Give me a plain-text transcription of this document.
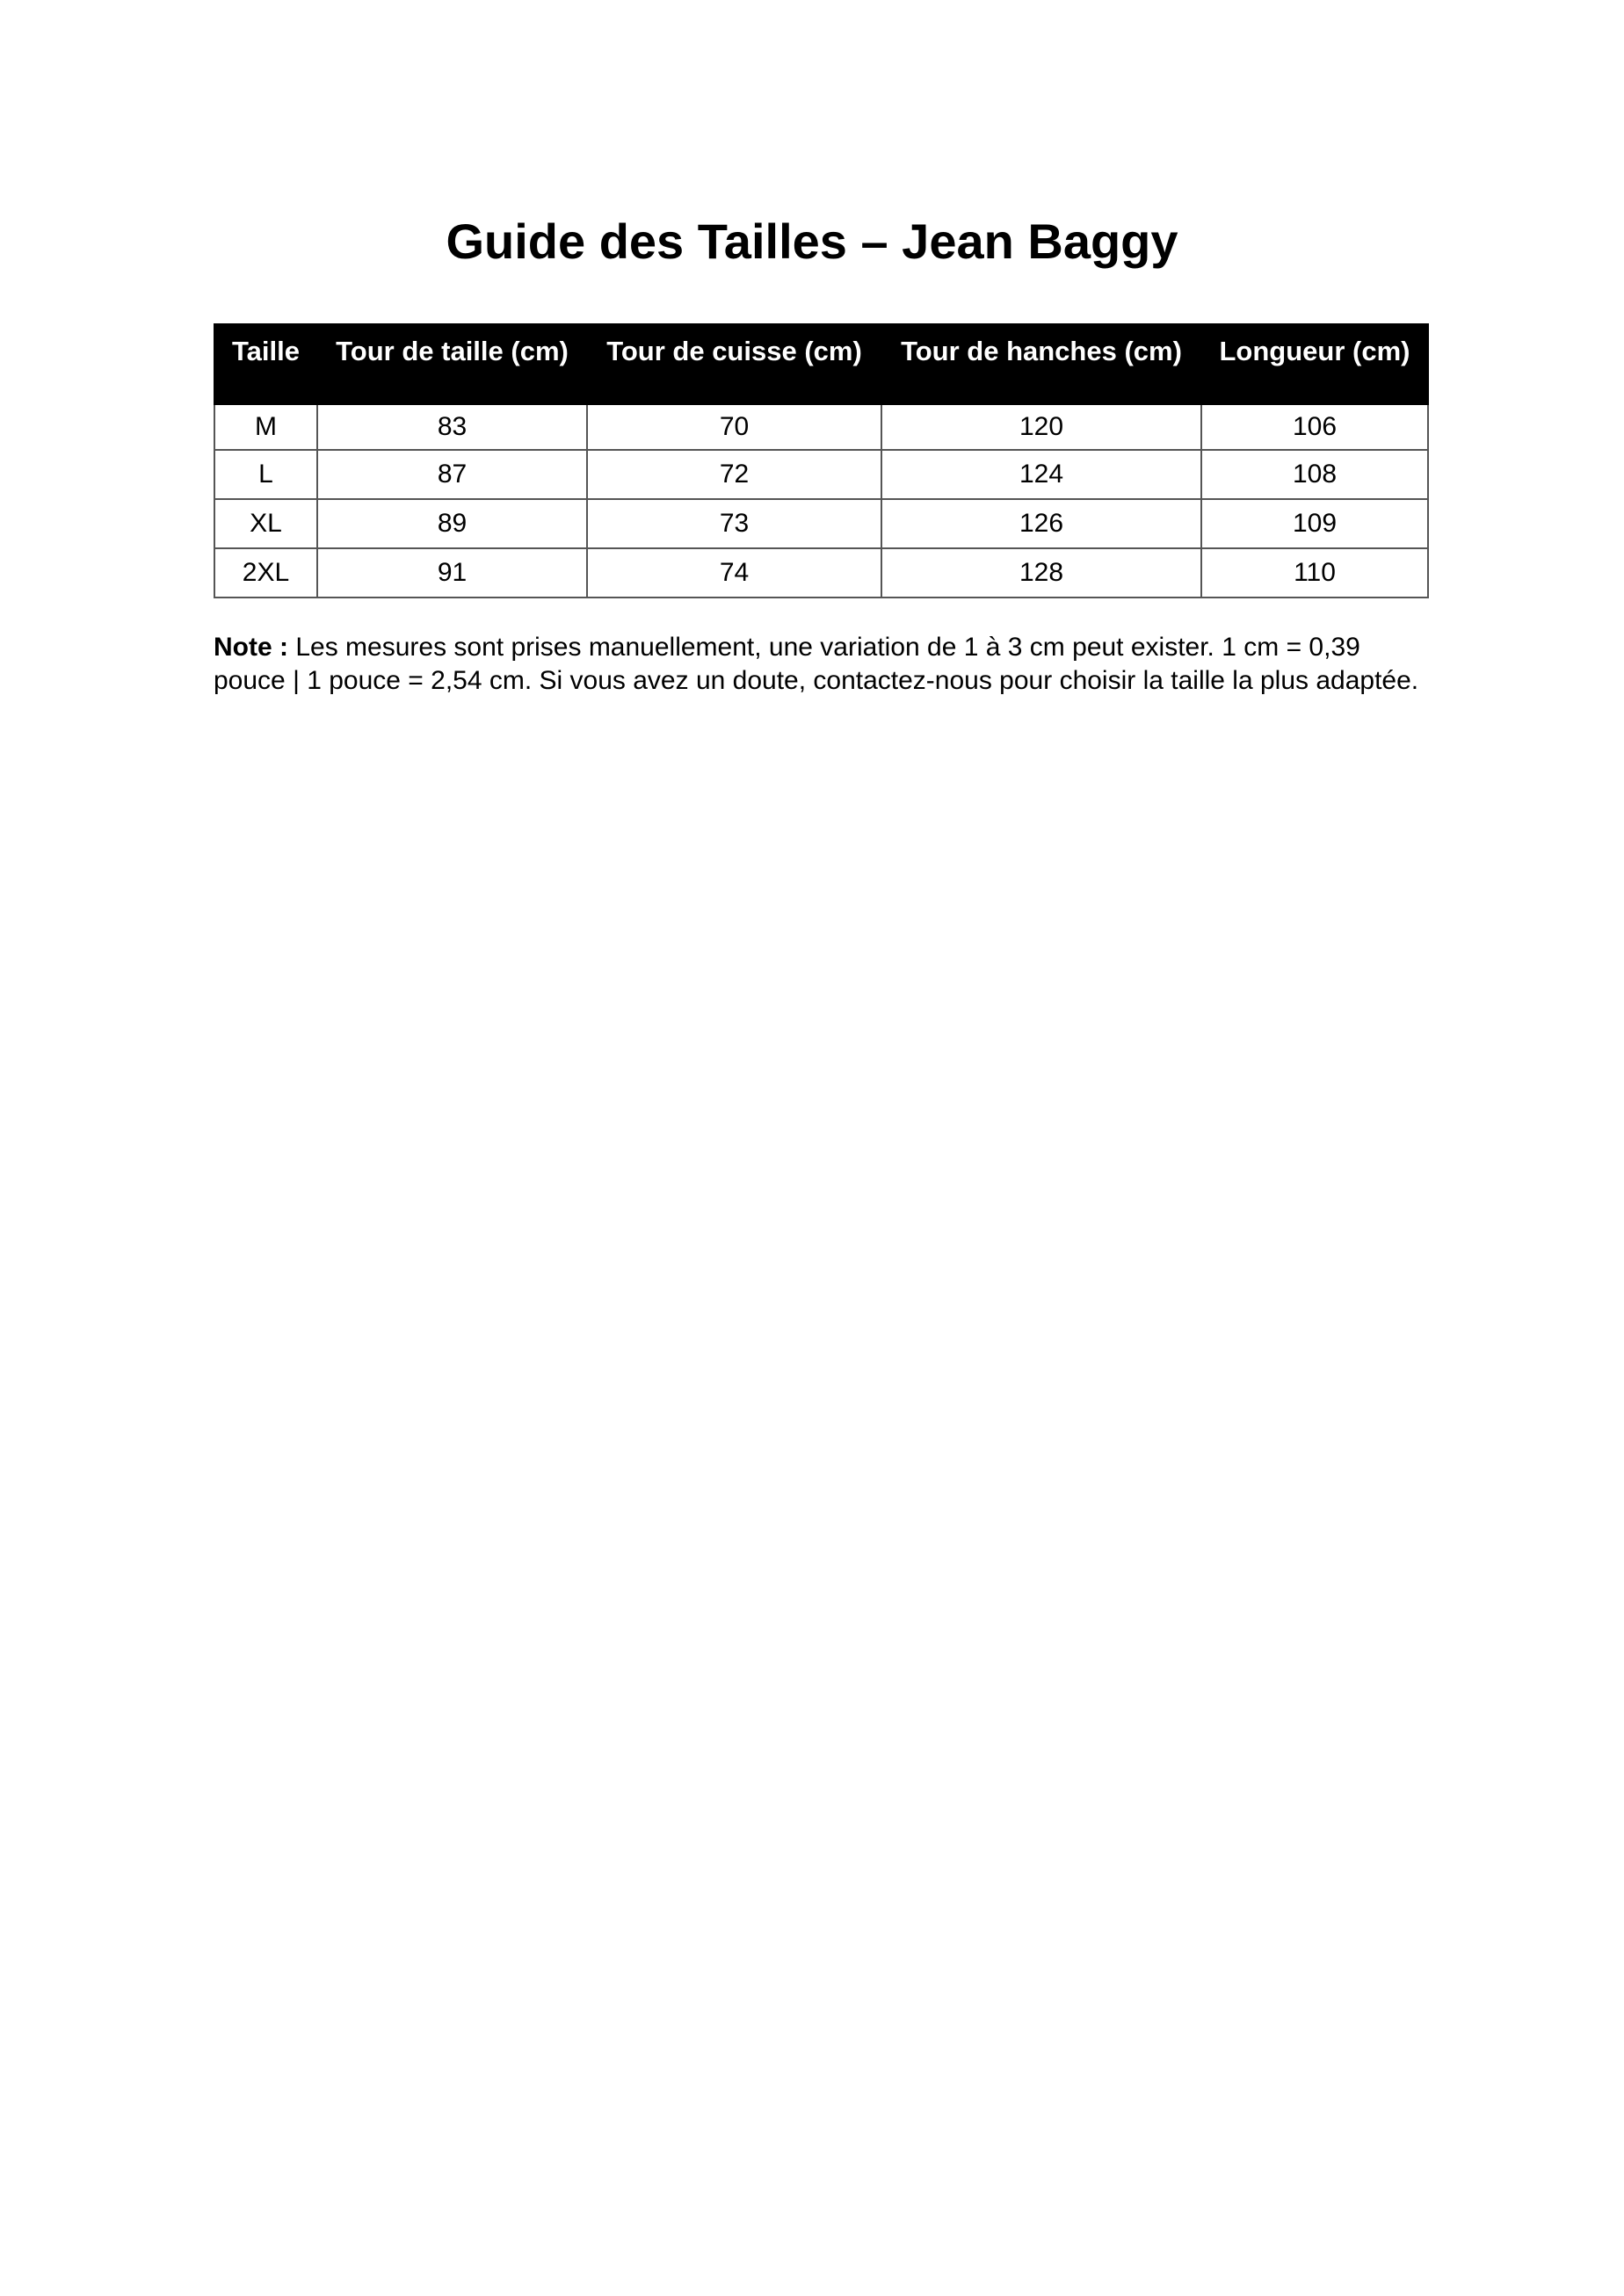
Guide des Tailles – Jean Baggy
Taille	Tour de taille (cm)	Tour de cuisse (cm)	Tour de hanches (cm)	Longueur (cm)
M	83	70	120	106
L	87	72	124	108
XL	89	73	126	109
2XL	91	74	128	110

Note : Les mesures sont prises manuellement, une variation de 1 à 3 cm peut exister. 1 cm = 0,39 pouce | 1 pouce = 2,54 cm. Si vous avez un doute, contactez-nous pour choisir la taille la plus adaptée.
